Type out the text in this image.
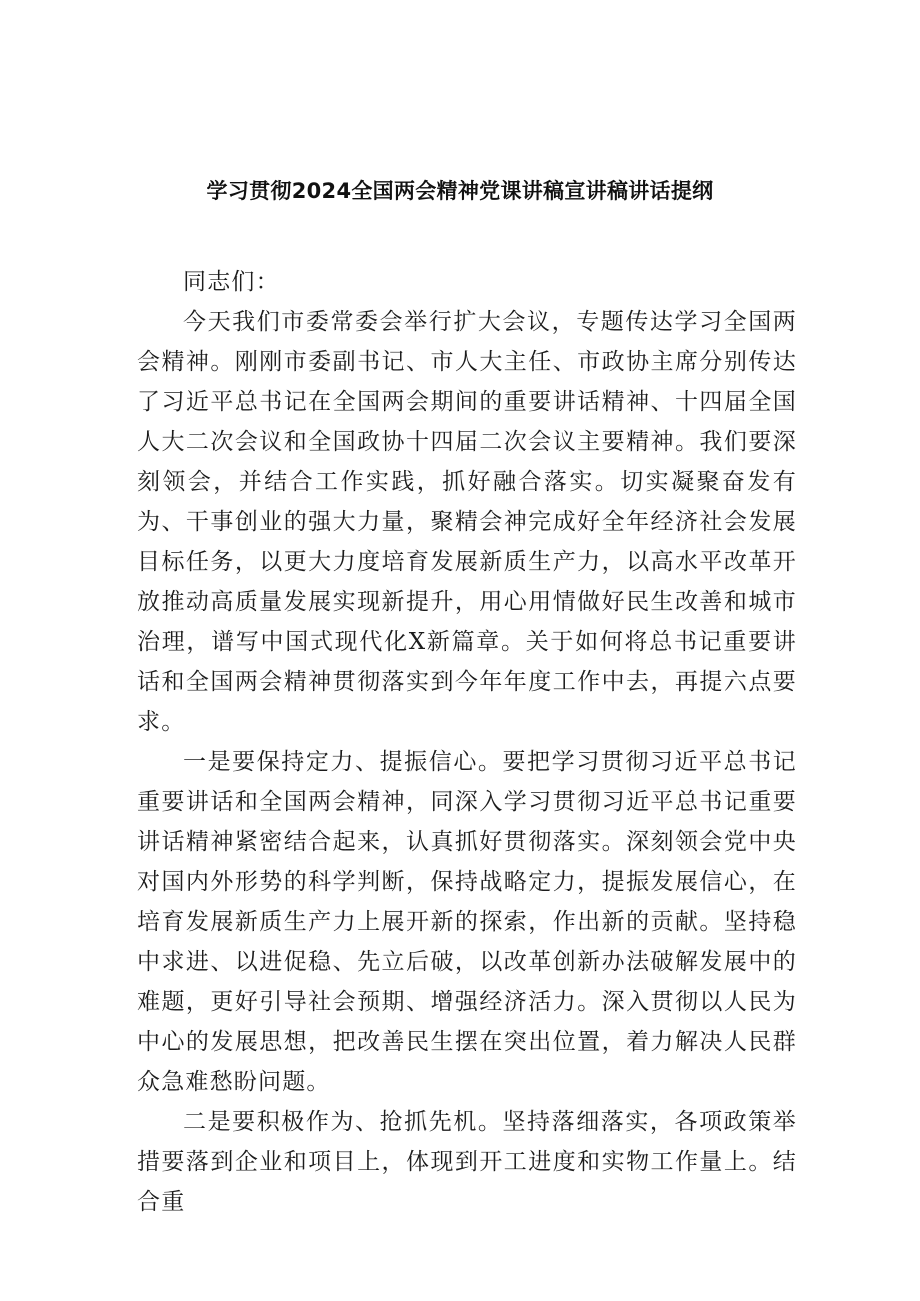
学习贯彻2024全国两会精神党课讲稿宣讲稿讲话提纲

同志们：

今天我们市委常委会举行扩大会议，专题传达学习全国两会精神。刚刚市委副书记、市人大主任、市政协主席分别传达了习近平总书记在全国两会期间的重要讲话精神、十四届全国人大二次会议和全国政协十四届二次会议主要精神。我们要深刻领会，并结合工作实践，抓好融合落实。切实凝聚奋发有为、干事创业的强大力量，聚精会神完成好全年经济社会发展目标任务，以更大力度培育发展新质生产力，以高水平改革开放推动高质量发展实现新提升，用心用情做好民生改善和城市治理，谱写中国式现代化X新篇章。关于如何将总书记重要讲话和全国两会精神贯彻落实到今年年度工作中去，再提六点要求。

一是要保持定力、提振信心。要把学习贯彻习近平总书记重要讲话和全国两会精神，同深入学习贯彻习近平总书记重要讲话精神紧密结合起来，认真抓好贯彻落实。深刻领会党中央对国内外形势的科学判断，保持战略定力，提振发展信心，在培育发展新质生产力上展开新的探索，作出新的贡献。坚持稳中求进、以进促稳、先立后破，以改革创新办法破解发展中的难题，更好引导社会预期、增强经济活力。深入贯彻以人民为中心的发展思想，把改善民生摆在突出位置，着力解决人民群众急难愁盼问题。

二是要积极作为、抢抓先机。坚持落细落实，各项政策举措要落到企业和项目上，体现到开工进度和实物工作量上。结合重
